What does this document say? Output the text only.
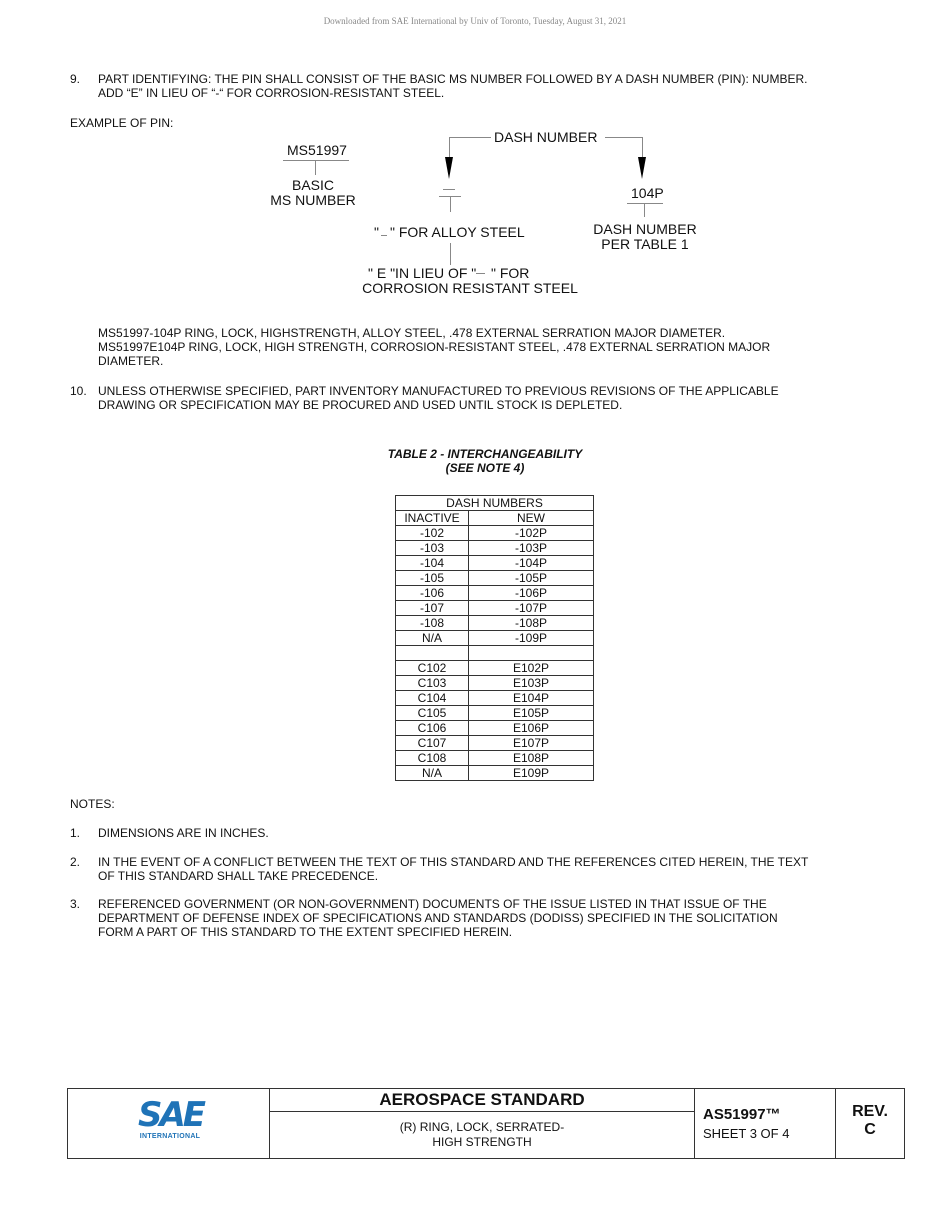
Downloaded from SAE International by Univ of Toronto, Tuesday, August 31, 2021
9.	PART IDENTIFYING: THE PIN SHALL CONSIST OF THE BASIC MS NUMBER FOLLOWED BY A DASH NUMBER (PIN): NUMBER.
ADD “E” IN LIEU OF “-“ FOR CORROSION-RESISTANT STEEL.
EXAMPLE OF PIN:
DASH NUMBER
MS51997
BASIC
MS NUMBER	104P
" " FOR ALLOY STEEL	DASH NUMBER
PER TABLE 1
" E "IN LIEU OF " " FOR
CORROSION RESISTANT STEEL
MS51997-104P RING, LOCK, HIGHSTRENGTH, ALLOY STEEL, .478 EXTERNAL SERRATION MAJOR DIAMETER.
MS51997E104P RING, LOCK, HIGH STRENGTH, CORROSION-RESISTANT STEEL, .478 EXTERNAL SERRATION MAJOR
DIAMETER.
10. UNLESS OTHERWISE SPECIFIED, PART INVENTORY MANUFACTURED TO PREVIOUS REVISIONS OF THE APPLICABLE
DRAWING OR SPECIFICATION MAY BE PROCURED AND USED UNTIL STOCK IS DEPLETED.
TABLE 2 - INTERCHANGEABILITY
(SEE NOTE 4)
DASH NUMBERS	
INACTIVE	NEW
-102	-102P
-103	-103P
-104	-104P
-105	-105P
-106	-106P
-107	-107P
-108	-108P
N/A	-109P

C102	E102P
C103	E103P
C104	E104P
C105	E105P
C106	E106P
C107	E107P
C108	E108P
N/A	E109P
NOTES:
1.	DIMENSIONS ARE IN INCHES.
2.	IN THE EVENT OF A CONFLICT BETWEEN THE TEXT OF THIS STANDARD AND THE REFERENCES CITED HEREIN, THE TEXT
OF THIS STANDARD SHALL TAKE PRECEDENCE.
3.	REFERENCED GOVERNMENT (OR NON-GOVERNMENT) DOCUMENTS OF THE ISSUE LISTED IN THAT ISSUE OF THE
DEPARTMENT OF DEFENSE INDEX OF SPECIFICATIONS AND STANDARDS (DODISS) SPECIFIED IN THE SOLICITATION
FORM A PART OF THIS STANDARD TO THE EXTENT SPECIFIED HEREIN.
SAE
INTERNATIONAL
AEROSPACE STANDARD
(R) RING, LOCK, SERRATED-
HIGH STRENGTH
AS51997™
SHEET 3 OF 4
REV.
C
